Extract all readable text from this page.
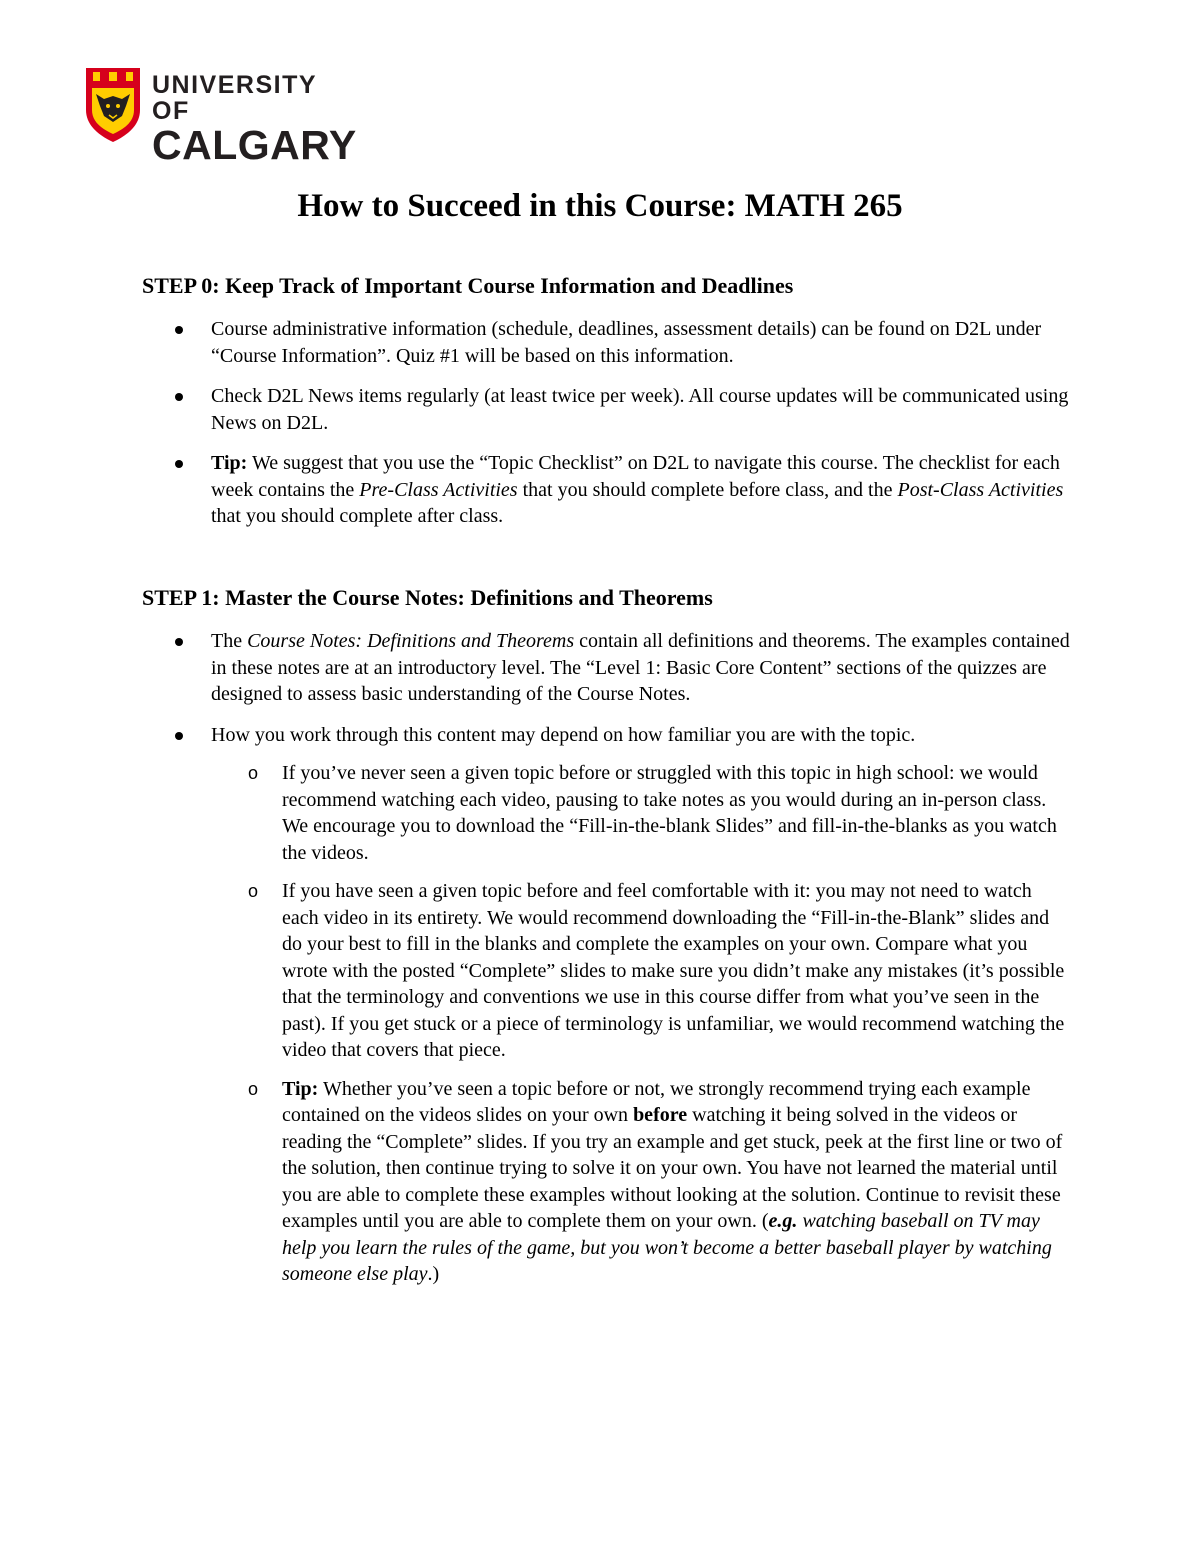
UNIVERSITY OF
CALGARY
How to Succeed in this Course: MATH 265
STEP 0: Keep Track of Important Course Information and Deadlines
Course administrative information (schedule, deadlines, assessment details) can be found on D2L under “Course Information”. Quiz #1 will be based on this information.
Check D2L News items regularly (at least twice per week). All course updates will be communicated using News on D2L.
Tip: We suggest that you use the “Topic Checklist” on D2L to navigate this course. The checklist for each week contains the Pre-Class Activities that you should complete before class, and the Post-Class Activities that you should complete after class.
STEP 1: Master the Course Notes: Definitions and Theorems
The Course Notes: Definitions and Theorems contain all definitions and theorems. The examples contained in these notes are at an introductory level. The “Level 1: Basic Core Content” sections of the quizzes are designed to assess basic understanding of the Course Notes.
How you work through this content may depend on how familiar you are with the topic.
o If you’ve never seen a given topic before or struggled with this topic in high school: we would recommend watching each video, pausing to take notes as you would during an in-person class. We encourage you to download the “Fill-in-the-blank Slides” and fill-in-the-blanks as you watch the videos.
o If you have seen a given topic before and feel comfortable with it: you may not need to watch each video in its entirety. We would recommend downloading the “Fill-in-the-Blank” slides and do your best to fill in the blanks and complete the examples on your own. Compare what you wrote with the posted “Complete” slides to make sure you didn’t make any mistakes (it’s possible that the terminology and conventions we use in this course differ from what you’ve seen in the past). If you get stuck or a piece of terminology is unfamiliar, we would recommend watching the video that covers that piece.
o Tip: Whether you’ve seen a topic before or not, we strongly recommend trying each example contained on the videos slides on your own before watching it being solved in the videos or reading the “Complete” slides. If you try an example and get stuck, peek at the first line or two of the solution, then continue trying to solve it on your own. You have not learned the material until you are able to complete these examples without looking at the solution. Continue to revisit these examples until you are able to complete them on your own. (e.g. watching baseball on TV may help you learn the rules of the game, but you won’t become a better baseball player by watching someone else play.)
